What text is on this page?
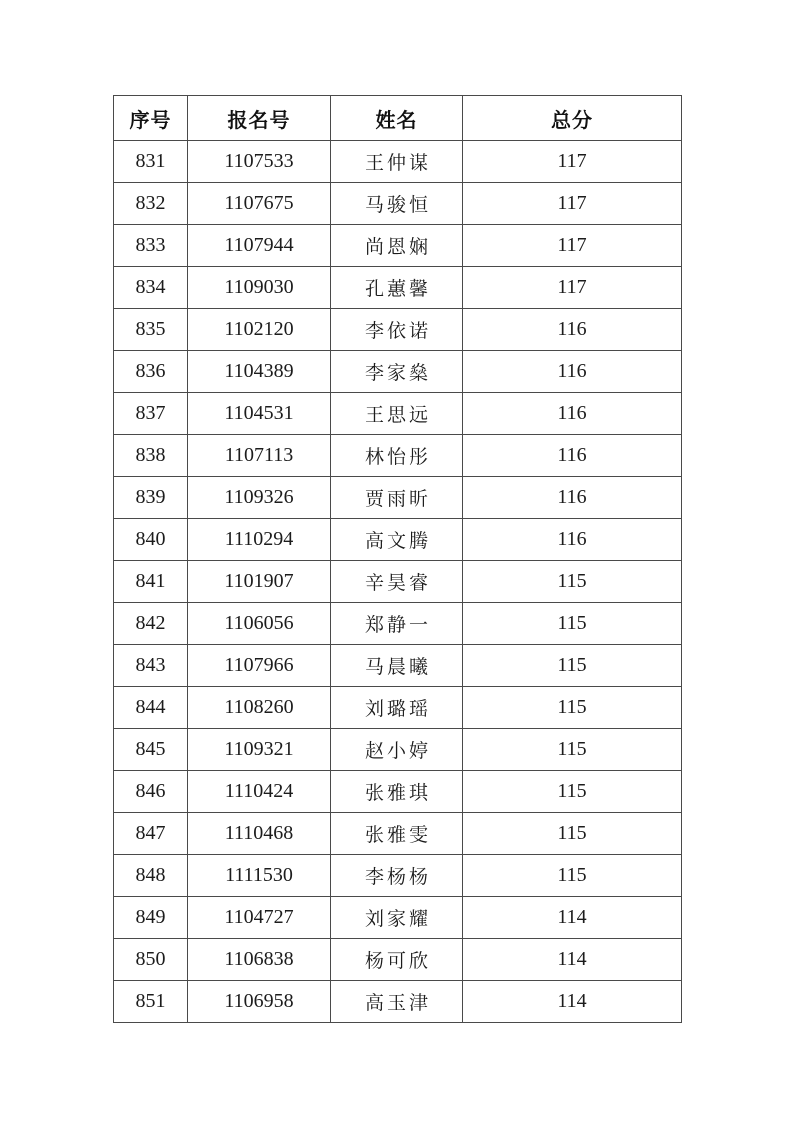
序号	报名号	姓名	总分
831	1107533	王仲谋	117
832	1107675	马骏恒	117
833	1107944	尚恩娴	117
834	1109030	孔蕙馨	117
835	1102120	李依诺	116
836	1104389	李家燊	116
837	1104531	王思远	116
838	1107113	林怡彤	116
839	1109326	贾雨昕	116
840	1110294	高文腾	116
841	1101907	辛昊睿	115
842	1106056	郑静一	115
843	1107966	马晨曦	115
844	1108260	刘璐瑶	115
845	1109321	赵小婷	115
846	1110424	张雅琪	115
847	1110468	张雅雯	115
848	1111530	李杨杨	115
849	1104727	刘家耀	114
850	1106838	杨可欣	114
851	1106958	高玉津	114
